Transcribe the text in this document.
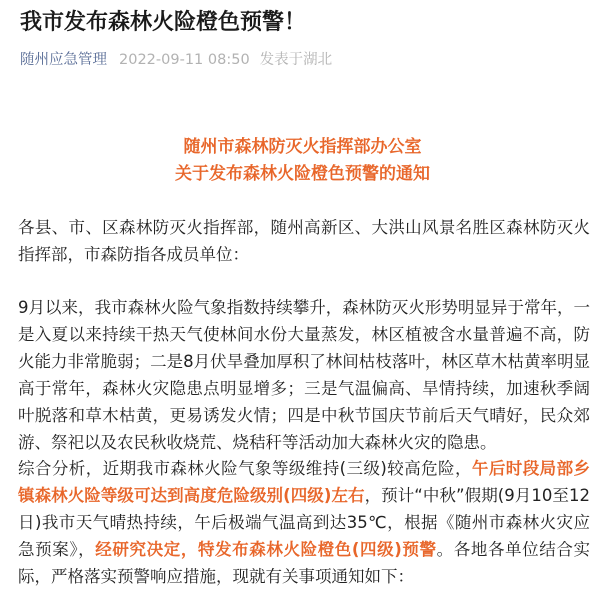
我市发布森林火险橙色预警！
随州应急管理 2022-09-11 08:50 发表于湖北
随州市森林防灭火指挥部办公室
关于发布森林火险橙色预警的通知
各县、市、区森林防灭火指挥部，随州高新区、大洪山风景名胜区森林防灭火指挥部，市森防指各成员单位：
9月以来，我市森林火险气象指数持续攀升，森林防灭火形势明显异于常年，一是入夏以来持续干热天气使林间水份大量蒸发，林区植被含水量普遍不高，防火能力非常脆弱；二是8月伏旱叠加厚积了林间枯枝落叶，林区草木枯黄率明显高于常年，森林火灾隐患点明显增多；三是气温偏高、旱情持续，加速秋季阔叶脱落和草木枯黄，更易诱发火情；四是中秋节国庆节前后天气晴好，民众郊游、祭祀以及农民秋收烧荒、烧秸秆等活动加大森林火灾的隐患。
综合分析，近期我市森林火险气象等级维持(三级)较高危险，午后时段局部乡镇森林火险等级可达到高度危险级别(四级)左右，预计“中秋”假期(9月10至12日)我市天气晴热持续，午后极端气温高到达35℃，根据《随州市森林火灾应急预案》，经研究决定，特发布森林火险橙色(四级)预警。各地各单位结合实际，严格落实预警响应措施，现就有关事项通知如下：
